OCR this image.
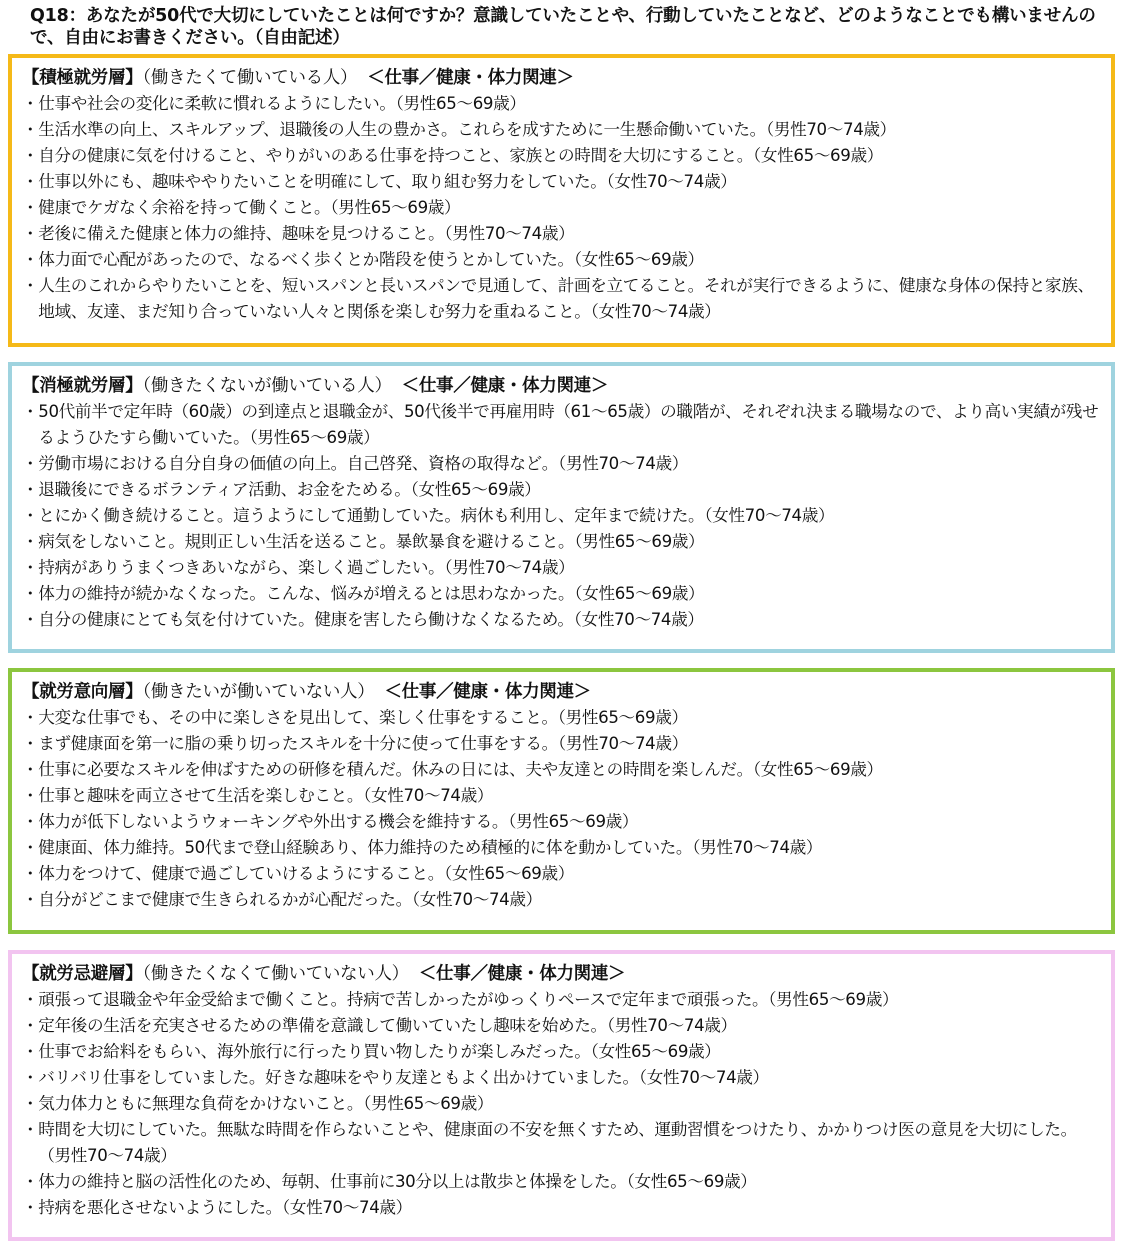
Q18：あなたが50代で大切にしていたことは何ですか？意識していたことや、行動していたことなど、どのようなことでも構いませんので、自由にお書きください。（自由記述）
【積極就労層】（働きたくて働いている人） ＜仕事／健康・体力関連＞
・ 仕事や社会の変化に柔軟に慣れるようにしたい。（男性65～69歳）
・ 生活水準の向上、スキルアップ、退職後の人生の豊かさ。これらを成すために一生懸命働いていた。（男性70～74歳）
・ 自分の健康に気を付けること、やりがいのある仕事を持つこと、家族との時間を大切にすること。（女性65～69歳）
・ 仕事以外にも、趣味ややりたいことを明確にして、取り組む努力をしていた。（女性70～74歳）
・ 健康でケガなく余裕を持って働くこと。（男性65～69歳）
・ 老後に備えた健康と体力の維持、趣味を見つけること。（男性70～74歳）
・ 体力面で心配があったので、なるべく歩くとか階段を使うとかしていた。（女性65～69歳）
・ 人生のこれからやりたいことを、短いスパンと長いスパンで見通して、計画を立てること。それが実行できるように、健康な身体の保持と家族、地域、友達、まだ知り合っていない人々と関係を楽しむ努力を重ねること。（女性70～74歳）
【消極就労層】（働きたくないが働いている人） ＜仕事／健康・体力関連＞
・ 50代前半で定年時（60歳）の到達点と退職金が、50代後半で再雇用時（61～65歳）の職階が、それぞれ決まる職場なので、より高い実績が残せるようひたすら働いていた。（男性65～69歳）
・ 労働市場における自分自身の価値の向上。自己啓発、資格の取得など。（男性70～74歳）
・ 退職後にできるボランティア活動、お金をためる。（女性65～69歳）
・ とにかく働き続けること。這うようにして通勤していた。病休も利用し、定年まで続けた。（女性70～74歳）
・ 病気をしないこと。規則正しい生活を送ること。暴飲暴食を避けること。（男性65～69歳）
・ 持病がありうまくつきあいながら、楽しく過ごしたい。（男性70～74歳）
・ 体力の維持が続かなくなった。こんな、悩みが増えるとは思わなかった。（女性65～69歳）
・ 自分の健康にとても気を付けていた。健康を害したら働けなくなるため。（女性70～74歳）
【就労意向層】（働きたいが働いていない人） ＜仕事／健康・体力関連＞
・ 大変な仕事でも、その中に楽しさを見出して、楽しく仕事をすること。（男性65～69歳）
・ まず健康面を第一に脂の乗り切ったスキルを十分に使って仕事をする。（男性70～74歳）
・ 仕事に必要なスキルを伸ばすための研修を積んだ。休みの日には、夫や友達との時間を楽しんだ。（女性65～69歳）
・ 仕事と趣味を両立させて生活を楽しむこと。（女性70～74歳）
・ 体力が低下しないようウォーキングや外出する機会を維持する。（男性65～69歳）
・ 健康面、体力維持。50代まで登山経験あり、体力維持のため積極的に体を動かしていた。（男性70～74歳）
・ 体力をつけて、健康で過ごしていけるようにすること。（女性65～69歳）
・ 自分がどこまで健康で生きられるかが心配だった。（女性70～74歳）
【就労忌避層】（働きたくなくて働いていない人） ＜仕事／健康・体力関連＞
・ 頑張って退職金や年金受給まで働くこと。持病で苦しかったがゆっくりペースで定年まで頑張った。（男性65～69歳）
・ 定年後の生活を充実させるための準備を意識して働いていたし趣味を始めた。（男性70～74歳）
・ 仕事でお給料をもらい、海外旅行に行ったり買い物したりが楽しみだった。（女性65～69歳）
・ バリバリ仕事をしていました。好きな趣味をやり友達ともよく出かけていました。（女性70～74歳）
・ 気力体力ともに無理な負荷をかけないこと。（男性65～69歳）
・ 時間を大切にしていた。無駄な時間を作らないことや、健康面の不安を無くすため、運動習慣をつけたり、かかりつけ医の意見を大切にした。（男性70～74歳）
・ 体力の維持と脳の活性化のため、毎朝、仕事前に30分以上は散歩と体操をした。（女性65～69歳）
・ 持病を悪化させないようにした。（女性70～74歳）
